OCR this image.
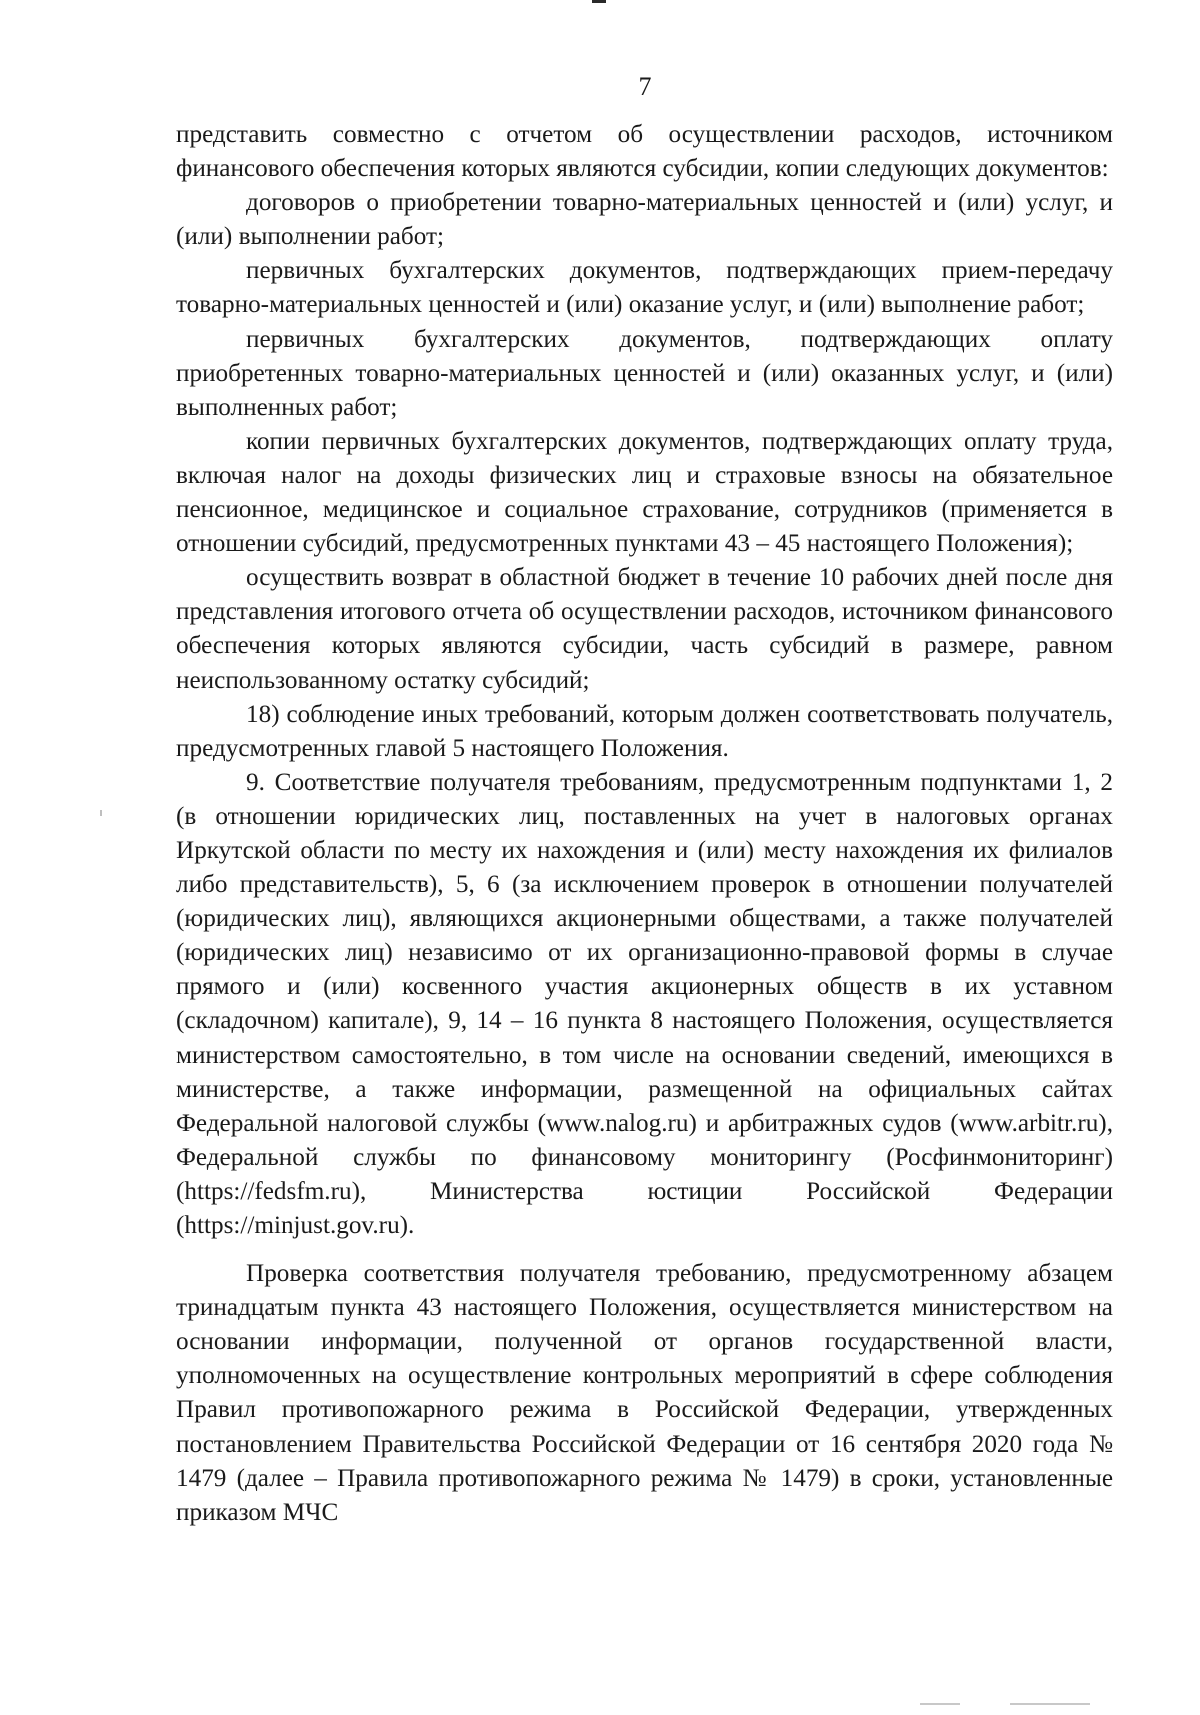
7

представить совместно с отчетом об осуществлении расходов, источником финансового обеспечения которых являются субсидии, копии следующих документов:

договоров о приобретении товарно-материальных ценностей и (или) услуг, и (или) выполнении работ;

первичных бухгалтерских документов, подтверждающих прием-передачу товарно-материальных ценностей и (или) оказание услуг, и (или) выполнение работ;

первичных бухгалтерских документов, подтверждающих оплату приобретенных товарно-материальных ценностей и (или) оказанных услуг, и (или) выполненных работ;

копии первичных бухгалтерских документов, подтверждающих оплату труда, включая налог на доходы физических лиц и страховые взносы на обязательное пенсионное, медицинское и социальное страхование, сотрудников (применяется в отношении субсидий, предусмотренных пунктами 43 – 45 настоящего Положения);

осуществить возврат в областной бюджет в течение 10 рабочих дней после дня представления итогового отчета об осуществлении расходов, источником финансового обеспечения которых являются субсидии, часть субсидий в размере, равном неиспользованному остатку субсидий;

18) соблюдение иных требований, которым должен соответствовать получатель, предусмотренных главой 5 настоящего Положения.

9. Соответствие получателя требованиям, предусмотренным подпунктами 1, 2 (в отношении юридических лиц, поставленных на учет в налоговых органах Иркутской области по месту их нахождения и (или) месту нахождения их филиалов либо представительств), 5, 6 (за исключением проверок в отношении получателей (юридических лиц), являющихся акционерными обществами, а также получателей (юридических лиц) независимо от их организационно-правовой формы в случае прямого и (или) косвенного участия акционерных обществ в их уставном (складочном) капитале), 9, 14 – 16 пункта 8 настоящего Положения, осуществляется министерством самостоятельно, в том числе на основании сведений, имеющихся в министерстве, а также информации, размещенной на официальных сайтах Федеральной налоговой службы (www.nalog.ru) и арбитражных судов (www.arbitr.ru), Федеральной службы по финансовому мониторингу (Росфинмониторинг) (https://fedsfm.ru), Министерства юстиции Российской Федерации (https://minjust.gov.ru).

Проверка соответствия получателя требованию, предусмотренному абзацем тринадцатым пункта 43 настоящего Положения, осуществляется министерством на основании информации, полученной от органов государственной власти, уполномоченных на осуществление контрольных мероприятий в сфере соблюдения Правил противопожарного режима в Российской Федерации, утвержденных постановлением Правительства Российской Федерации от 16 сентября 2020 года № 1479 (далее – Правила противопожарного режима № 1479) в сроки, установленные приказом МЧС
